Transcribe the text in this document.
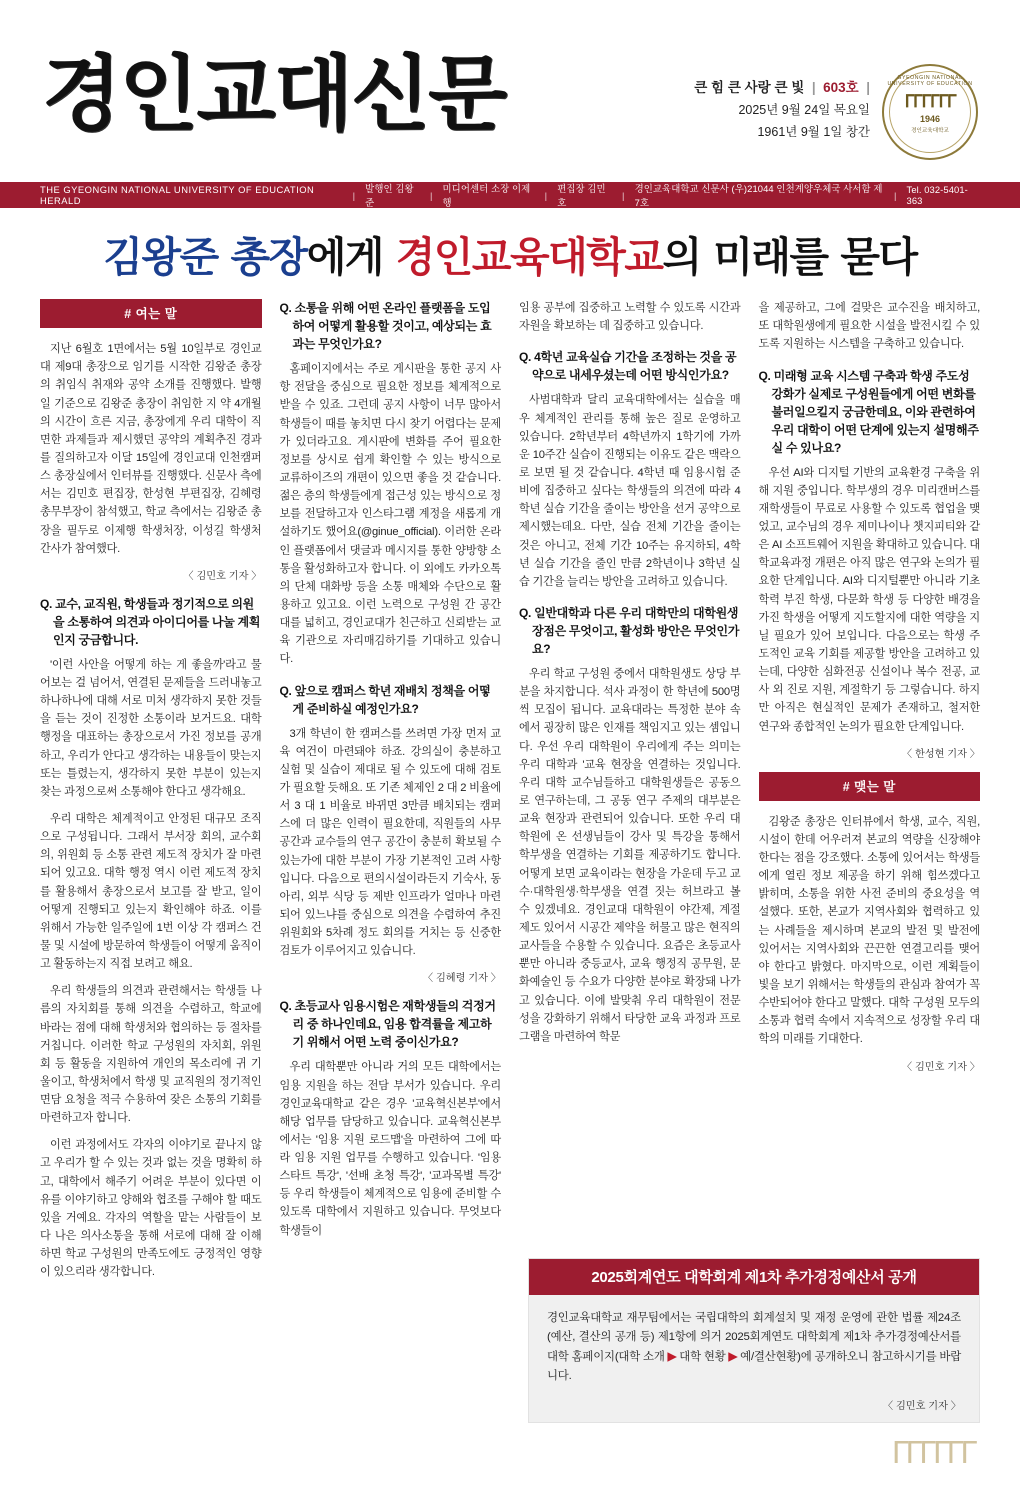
경인교대신문	큰 힘 큰 사랑 큰 빛  |  603호  |
2025년 9월 24일 목요일
1961년 9월 1일 창간
GYEONGIN NATIONAL UNIVERSITY OF EDUCATION
ᒥᒥᒥᒥᒥᒥ
1946
경인교육대학교
THE GYEONGIN NATIONAL UNIVERSITY OF EDUCATION HERALD	|
발행인 김왕준
|
미디어센터 소장 이제행
|
편집장 김민호
|
경인교육대학교 신문사 (우)21044 인천계양우체국 사서함 제7호
| Tel. 032-5401-363
김왕준 총장에게 경인교육대학교의 미래를 묻다
# 여는 말

지난 6월호 1면에서는 5월 10일부로 경인교대 제9대 총장으로 임기를 시작한 김왕준 총장의 취임식 취재와 공약 소개를 진행했다. 발행일 기준으로 김왕준 총장이 취임한 지 약 4개월의 시간이 흐른 지금, 총장에게 우리 대학이 직면한 과제들과 제시했던 공약의 계획추진 경과를 질의하고자 이달 15일에 경인교대 인천캠퍼스 총장실에서 인터뷰를 진행했다. 신문사 측에서는 김민호 편집장, 한성현 부편집장, 김혜령 총무부장이 참석했고, 학교 측에서는 김왕준 총장을 필두로 이제행 학생처장, 이성길 학생처 간사가 참여했다.

〈 김민호 기자 〉
Q. 교수, 교직원, 학생들과 정기적으로 의원을 소통하여 의견과 아이디어를 나눌 계획인지 궁금합니다.

'이런 사안을 어떻게 하는 게 좋을까'라고 물어보는 걸 넘어서, 연결된 문제들을 드러내놓고 하나하나에 대해 서로 미처 생각하지 못한 것들을 듣는 것이 진정한 소통이라 보거드요. 대학 행정을 대표하는 총장으로서 가진 정보를 공개하고, 우리가 안다고 생각하는 내용들이 맞는지 또는 틀렸는지, 생각하지 못한 부분이 있는지 찾는 과정으로써 소통해야 한다고 생각해요.

우리 대학은 체계적이고 안정된 대규모 조직으로 구성됩니다. 그래서 부서장 회의, 교수회의, 위원회 등 소통 관련 제도적 장치가 잘 마련되어 있고요. 대학 행정 역시 이런 제도적 장치를 활용해서 총장으로서 보고를 잘 받고, 일이 어떻게 진행되고 있는지 확인해야 하죠. 이를 위해서 가능한 일주일에 1번 이상 각 캠퍼스 건물 및 시설에 방문하여 학생들이 어떻게 움직이고 활동하는지 직접 보려고 해요.

우리 학생들의 의견과 관련해서는 학생들 나름의 자치회를 통해 의견을 수렴하고, 학교에 바라는 점에 대해 학생처와 협의하는 등 절차를 거칩니다. 이러한 학교 구성원의 자치회, 위원회 등 활동을 지원하여 개인의 목소리에 귀 기울이고, 학생처에서 학생 및 교직원의 정기적인 면담 요청을 적극 수용하여 잦은 소통의 기회를 마련하고자 합니다.

이런 과정에서도 각자의 이야기로 끝나지 않고 우리가 할 수 있는 것과 없는 것을 명확히 하고, 대학에서 해주기 어려운 부분이 있다면 이유를 이야기하고 양해와 협조를 구해야 할 때도 있을 거예요. 각자의 역할을 맡는 사람들이 보다 나은 의사소통을 통해 서로에 대해 잘 이해하면 학교 구성원의 만족도에도 긍정적인 영향이 있으리라 생각합니다.

Q. 소통을 위해 어떤 온라인 플랫폼을 도입하여 어떻게 활용할 것이고, 예상되는 효과는 무엇인가요?

홈페이지에서는 주로 게시판을 통한 공지 사항 전달을 중심으로 필요한 정보를 체계적으로 받을 수 있죠. 그런데 공지 사항이 너무 많아서 학생들이 때를 놓치면 다시 찾기 어렵다는 문제가 있더라고요. 게시판에 변화를 주어 필요한 정보를 상시로 쉽게 확인할 수 있는 방식으로 교류하이즈의 개편이 있으면 좋을 것 같습니다. 젊은 층의 학생들에게 접근성 있는 방식으로 정보를 전달하고자 인스타그램 계정을 새롭게 개설하기도 했어요(@ginue_official). 이러한 온라인 플랫폼에서 댓글과 메시지를 통한 양방향 소통을 활성화하고자 합니다. 이 외에도 카카오톡의 단체 대화방 등을 소통 매체와 수단으로 활용하고 있고요. 이런 노력으로 구성원 간 공간대를 넓히고, 경인교대가 친근하고 신뢰받는 교육 기관으로 자리매김하기를 기대하고 있습니다.

Q. 앞으로 캠퍼스 학년 재배치 정책을 어떻게 준비하실 예정인가요?

3개 학년이 한 캠퍼스를 쓰려면 가장 먼저 교육 여건이 마련돼야 하죠. 강의실이 충분하고 실험 및 실습이 제대로 될 수 있도에 대해 검토가 필요할 듯해요. 또 기존 체제인 2 대 2 비율에서 3 대 1 비율로 바뀌면 3만큼 배치되는 캠퍼스에 더 많은 인력이 필요한데, 직원들의 사무 공간과 교수들의 연구 공간이 충분히 확보될 수 있는가에 대한 부분이 가장 기본적인 고려 사항입니다. 다음으로 편의시설이라든지 기숙사, 동아리, 외부 식당 등 제반 인프라가 얼마나 마련되어 있느냐를 중심으로 의견을 수렴하여 추진위원회와 5차례 정도 회의를 거치는 등 신중한 검토가 이루어지고 있습니다.

〈 김혜령 기자 〉
Q. 초등교사 임용시험은 재학생들의 걱정거리 중 하나인데요, 임용 합격률을 제고하기 위해서 어떤 노력 중이신가요?

우리 대학뿐만 아니라 거의 모든 대학에서는 임용 지원을 하는 전담 부서가 있습니다. 우리 경인교육대학교 같은 경우 '교육혁신본부'에서 해당 업무를 담당하고 있습니다. 교육혁신본부에서는 '임용 지원 로드맵'을 마련하여 그에 따라 임용 지원 업무를 수행하고 있습니다. '임용 스타트 특강', '선배 초청 특강', '교과목별 특강' 등 우리 학생들이 체계적으로 임용에 준비할 수 있도록 대학에서 지원하고 있습니다. 무엇보다 학생들이

임용 공부에 집중하고 노력할 수 있도록 시간과 자원을 확보하는 데 집중하고 있습니다.

Q. 4학년 교육실습 기간을 조정하는 것을 공약으로 내세우셨는데 어떤 방식인가요?

사범대학과 달리 교육대학에서는 실습을 매우 체계적인 관리를 통해 높은 질로 운영하고 있습니다. 2학년부터 4학년까지 1학기에 가까운 10주간 실습이 진행되는 이유도 같은 맥락으로 보면 될 것 같습니다. 4학년 때 임용시험 준비에 집중하고 싶다는 학생들의 의견에 따라 4학년 실습 기간을 줄이는 방안을 선거 공약으로 제시했는데요. 다만, 실습 전체 기간을 줄이는 것은 아니고, 전체 기간 10주는 유지하되, 4학년 실습 기간을 줄인 만큼 2학년이나 3학년 실습 기간을 늘리는 방안을 고려하고 있습니다.

Q. 일반대학과 다른 우리 대학만의 대학원생 장점은 무엇이고, 활성화 방안은 무엇인가요?

우리 학교 구성원 중에서 대학원생도 상당 부분을 차지합니다. 석사 과정이 한 학년에 500명씩 모집이 됩니다. 교육대라는 특정한 분야 속에서 굉장히 많은 인재를 책임지고 있는 셈입니다. 우선 우리 대학원이 우리에게 주는 의미는 우리 대학과 '교육 현장을 연결하는 것입니다. 우리 대학 교수님들하고 대학원생들은 공동으로 연구하는데, 그 공동 연구 주제의 대부분은 교육 현장과 관련되어 있습니다. 또한 우리 대학원에 온 선생님들이 강사 및 특강을 통해서 학부생을 연결하는 기회를 제공하기도 합니다. 어떻게 보면 교육이라는 현장을 가운데 두고 교수·대학원생·학부생을 연결 짓는 허브라고 볼 수 있겠네요. 경인교대 대학원이 야간제, 계절제도 있어서 시공간 제약을 허물고 많은 현직의 교사들을 수용할 수 있습니다. 요즘은 초등교사뿐만 아니라 중등교사, 교육 행정직 공무원, 문화예술인 등 수요가 다양한 분야로 확장돼 나가고 있습니다. 이에 발맞춰 우리 대학원이 전문성을 강화하기 위해서 타당한 교육 과정과 프로그램을 마련하여 학문

을 제공하고, 그에 걸맞은 교수진을 배치하고, 또 대학원생에게 필요한 시설을 발전시킬 수 있도록 지원하는 시스템을 구축하고 있습니다.

Q. 미래형 교육 시스템 구축과 학생 주도성 강화가 실제로 구성원들에게 어떤 변화를 불러일으킬지 궁금한데요, 이와 관련하여 우리 대학이 어떤 단계에 있는지 설명해주실 수 있나요?

우선 AI와 디지털 기반의 교육환경 구축을 위해 지원 중입니다. 학부생의 경우 미리캔버스를 재학생들이 무료로 사용할 수 있도록 협업을 맺었고, 교수님의 경우 제미나이나 챗지피티와 같은 AI 소프트웨어 지원을 확대하고 있습니다. 대학교육과정 개편은 아직 많은 연구와 논의가 필요한 단계입니다. AI와 디지털뿐만 아니라 기초학력 부진 학생, 다문화 학생 등 다양한 배경을 가진 학생을 어떻게 지도할지에 대한 역량을 지닐 필요가 있어 보입니다. 다음으로는 학생 주도적인 교육 기회를 제공할 방안을 고려하고 있는데, 다양한 심화전공 신설이나 복수 전공, 교사 외 진로 지원, 계절학기 등 그렇습니다. 하지만 아직은 현실적인 문제가 존재하고, 철저한 연구와 종합적인 논의가 필요한 단계입니다.

〈 한성현 기자 〉
# 맺는 말

김왕준 총장은 인터뷰에서 학생, 교수, 직원, 시설이 한데 어우러져 본교의 역량을 신장해야 한다는 점을 강조했다. 소통에 있어서는 학생들에게 열린 정보 제공을 하기 위해 힘쓰겠다고 밝히며, 소통을 위한 사전 준비의 중요성을 역설했다. 또한, 본교가 지역사회와 협력하고 있는 사례들을 제시하며 본교의 발전 및 발전에 있어서는 지역사회와 끈끈한 연결고리를 맺어야 한다고 밝혔다. 마지막으로, 이런 계획들이 빛을 보기 위해서는 학생들의 관심과 참여가 꼭 수반되어야 한다고 말했다. 대학 구성원 모두의 소통과 협력 속에서 지속적으로 성장할 우리 대학의 미래를 기대한다.

〈 김민호 기자 〉
2025회계연도 대학회계 제1차 추가경정예산서 공개
경인교육대학교 재무팀에서는 국립대학의 회계설치 및 재정 운영에 관한 법률 제24조(예산, 결산의 공개 등) 제1항에 의거 2025회계연도 대학회계 제1차 추가경정예산서를 대학 홈페이지(대학 소개 ▶ 대학 현황 ▶ 예/결산현황)에 공개하오니 참고하시기를 바랍니다.
〈 김민호 기자 〉
ᒥᒥᒥᒥᒥᒥ
